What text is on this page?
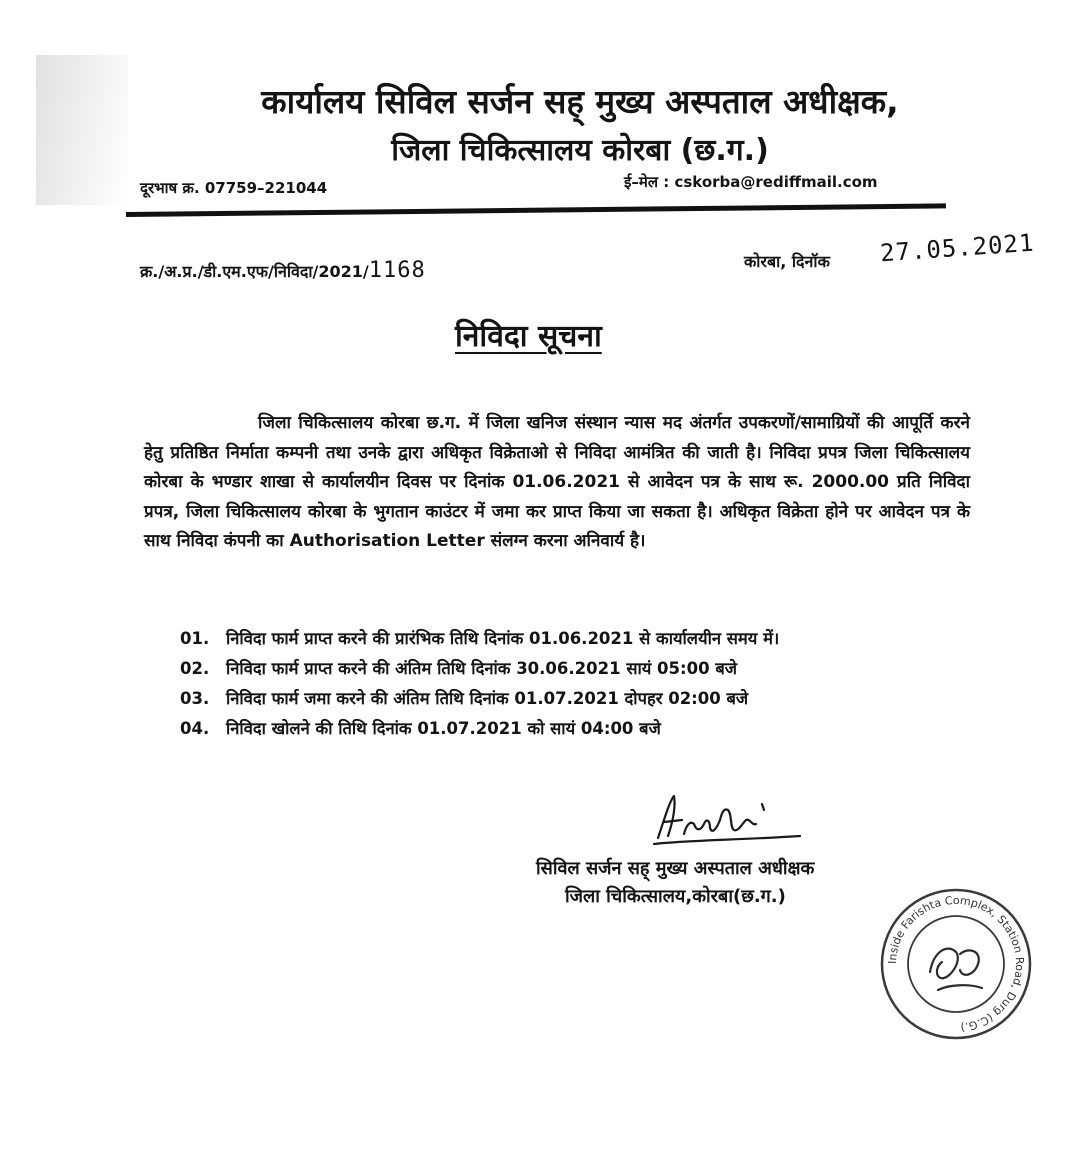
कार्यालय सिविल सर्जन सह् मुख्य अस्पताल अधीक्षक,
जिला चिकित्सालय कोरबा (छ.ग.)
दूरभाष क्र. 07759–221044	ई–मेल : cskorba@rediffmail.com
क्र./अ.प्र./डी.एम.एफ/निविदा/2021/1168	कोरबा, दिनॉक 27.05.2021
निविदा सूचना

जिला चिकित्सालय कोरबा छ.ग. में जिला खनिज संस्थान न्यास मद अंतर्गत उपकरणों/सामाग्रियों की आपूर्ति करने हेतु प्रतिष्ठित निर्माता कम्पनी तथा उनके द्वारा अधिकृत विक्रेताओ से निविदा आमंत्रित की जाती है। निविदा प्रपत्र जिला चिकित्सालय कोरबा के भण्डार शाखा से कार्यालयीन दिवस पर दिनांक 01.06.2021 से आवेदन पत्र के साथ रू. 2000.00 प्रति निविदा प्रपत्र, जिला चिकित्सालय कोरबा के भुगतान काउंटर में जमा कर प्राप्त किया जा सकता है। अधिकृत विक्रेता होने पर आवेदन पत्र के साथ निविदा कंपनी का Authorisation Letter संलग्न करना अनिवार्य है।

01. निविदा फार्म प्राप्त करने की प्रारंभिक तिथि दिनांक 01.06.2021 से कार्यालयीन समय में।
02. निविदा फार्म प्राप्त करने की अंतिम तिथि दिनांक 30.06.2021 सायं 05:00 बजे
03. निविदा फार्म जमा करने की अंतिम तिथि दिनांक 01.07.2021 दोपहर 02:00 बजे
04. निविदा खोलने की तिथि दिनांक 01.07.2021 को सायं 04:00 बजे
सिविल सर्जन सह् मुख्य अस्पताल अधीक्षक
जिला चिकित्सालय,कोरबा(छ.ग.)
Inside Farishta Complex, Station Road, Durg (C.G.)
